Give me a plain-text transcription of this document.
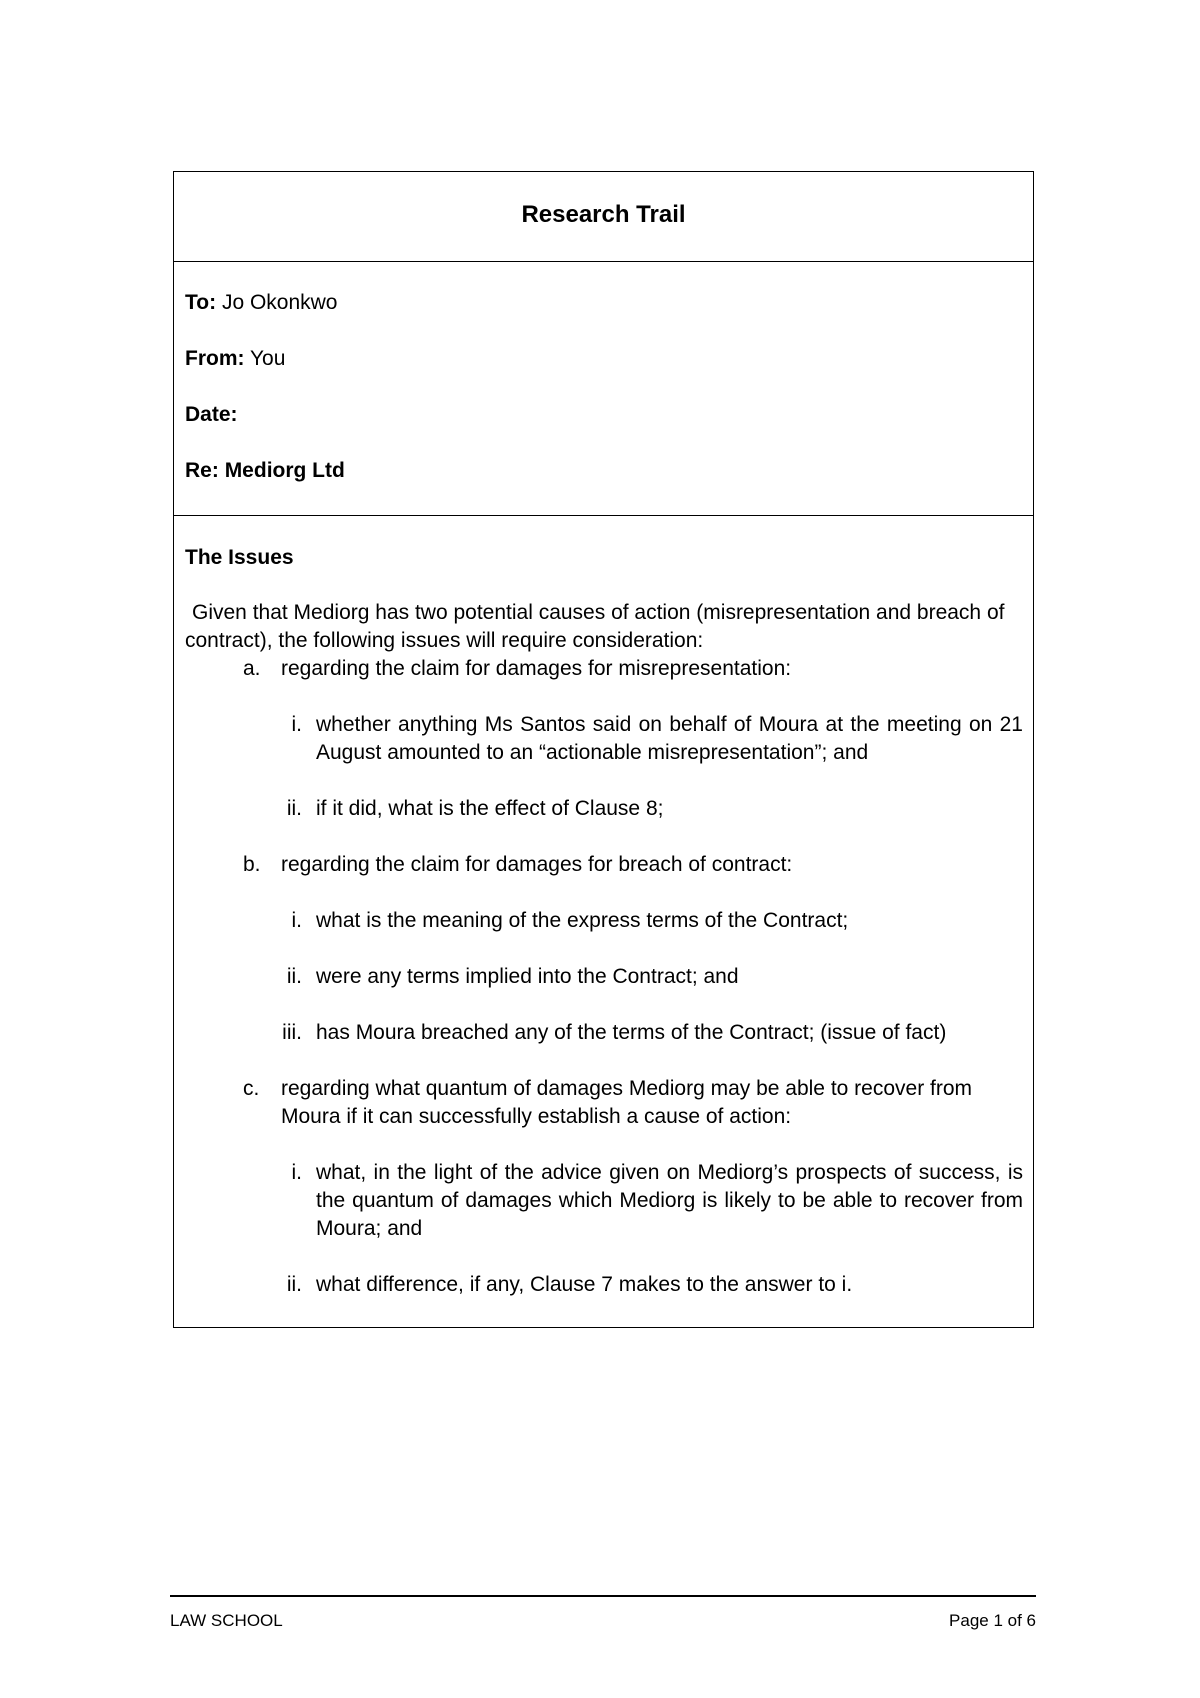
Research Trail
To: Jo Okonkwo
From: You
Date:
Re: Mediorg Ltd
The Issues
Given that Mediorg has two potential causes of action (misrepresentation and breach of contract), the following issues will require consideration:
a. regarding the claim for damages for misrepresentation:
i. whether anything Ms Santos said on behalf of Moura at the meeting on 21 August amounted to an “actionable misrepresentation”; and
ii. if it did, what is the effect of Clause 8;
b. regarding the claim for damages for breach of contract:
i. what is the meaning of the express terms of the Contract;
ii. were any terms implied into the Contract; and
iii. has Moura breached any of the terms of the Contract; (issue of fact)
c.	regarding what quantum of damages Mediorg may be able to recover from Moura if it can successfully establish a cause of action:
i. what, in the light of the advice given on Mediorg’s prospects of success, is the quantum of damages which Mediorg is likely to be able to recover from Moura; and
ii. what difference, if any, Clause 7 makes to the answer to i.
LAW SCHOOL	Page 1 of 6
